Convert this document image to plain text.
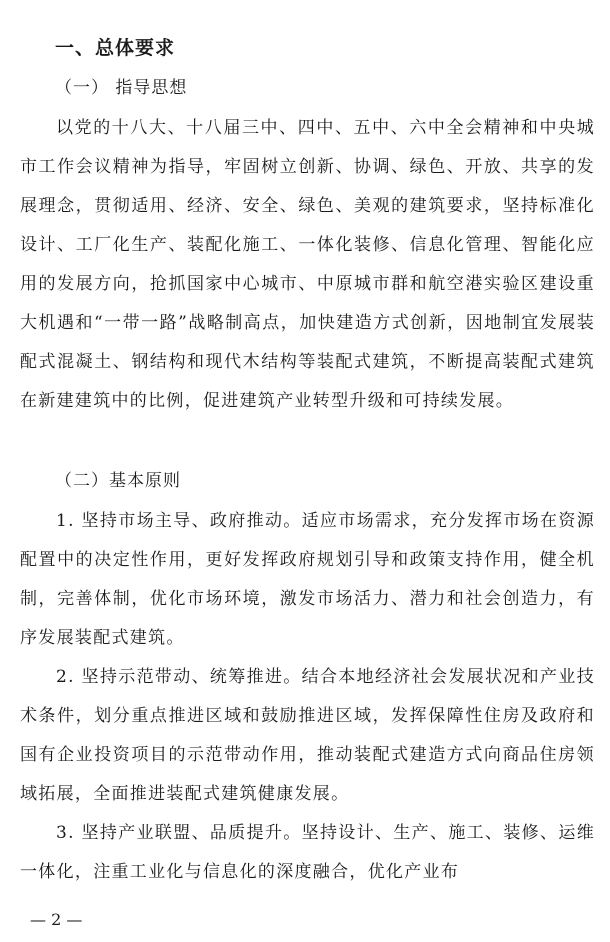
一、总体要求
（一） 指导思想

以党的十八大、十八届三中、四中、五中、六中全会精神和中央城市工作会议精神为指导，牢固树立创新、协调、绿色、开放、共享的发展理念，贯彻适用、经济、安全、绿色、美观的建筑要求，坚持标准化设计、工厂化生产、装配化施工、一体化装修、信息化管理、智能化应用的发展方向，抢抓国家中心城市、中原城市群和航空港实验区建设重大机遇和“一带一路”战略制高点，加快建造方式创新，因地制宜发展装配式混凝土、钢结构和现代木结构等装配式建筑，不断提高装配式建筑在新建建筑中的比例，促进建筑产业转型升级和可持续发展。

（二）基本原则

1. 坚持市场主导、政府推动。适应市场需求，充分发挥市场在资源配置中的决定性作用，更好发挥政府规划引导和政策支持作用，健全机制，完善体制，优化市场环境，激发市场活力、潜力和社会创造力，有序发展装配式建筑。

2. 坚持示范带动、统筹推进。结合本地经济社会发展状况和产业技术条件，划分重点推进区域和鼓励推进区域，发挥保障性住房及政府和国有企业投资项目的示范带动作用，推动装配式建造方式向商品住房领域拓展，全面推进装配式建筑健康发展。

3. 坚持产业联盟、品质提升。坚持设计、生产、施工、装修、运维一体化，注重工业化与信息化的深度融合，优化产业布

— 2 —
